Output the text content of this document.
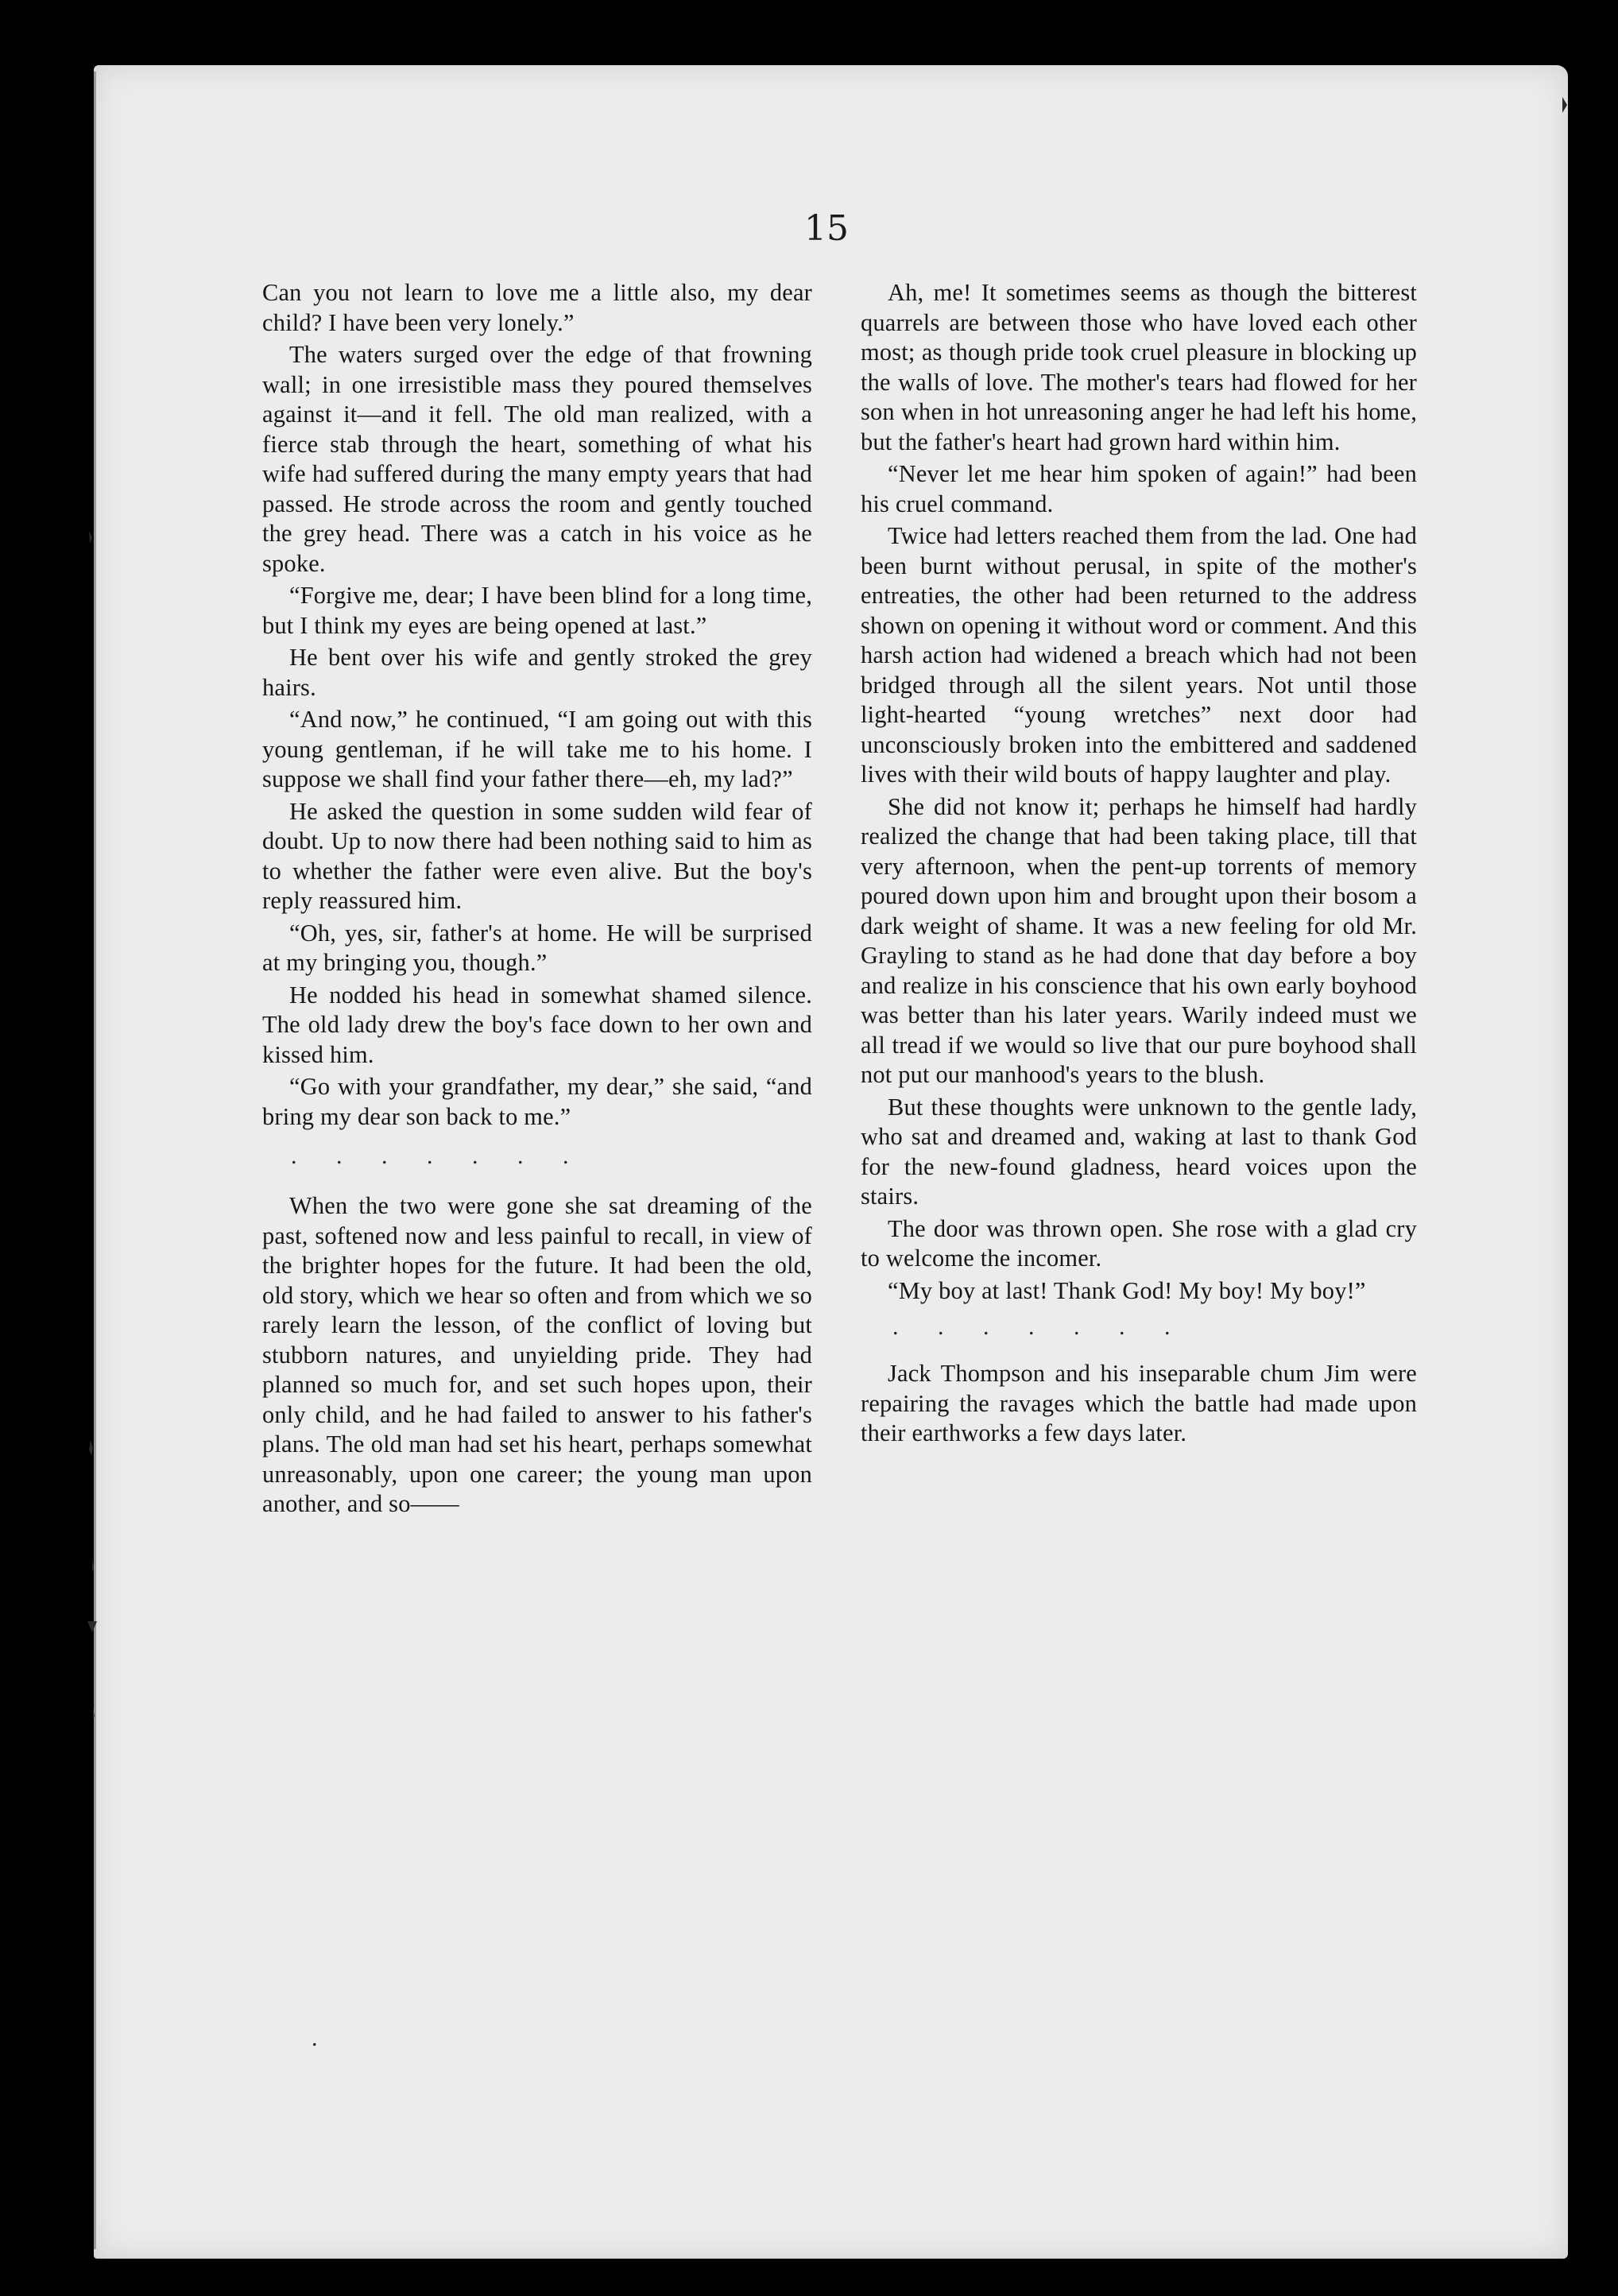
15

Can you not learn to love me a little also, my dear child? I have been very lonely.”

The waters surged over the edge of that frowning wall; in one irresistible mass they poured themselves against it—and it fell. The old man realized, with a fierce stab through the heart, something of what his wife had suffered during the many empty years that had passed. He strode across the room and gently touched the grey head. There was a catch in his voice as he spoke.

“Forgive me, dear; I have been blind for a long time, but I think my eyes are being opened at last.”

He bent over his wife and gently stroked the grey hairs.

“And now,” he continued, “I am going out with this young gentleman, if he will take me to his home. I suppose we shall find your father there—eh, my lad?”

He asked the question in some sudden wild fear of doubt. Up to now there had been nothing said to him as to whether the father were even alive. But the boy's reply reassured him.

“Oh, yes, sir, father's at home. He will be surprised at my bringing you, though.”

He nodded his head in somewhat shamed silence. The old lady drew the boy's face down to her own and kissed him.

“Go with your grandfather, my dear,” she said, “and bring my dear son back to me.”

. . . . . . .

When the two were gone she sat dreaming of the past, softened now and less painful to recall, in view of the brighter hopes for the future. It had been the old, old story, which we hear so often and from which we so rarely learn the lesson, of the conflict of loving but stubborn natures, and unyielding pride. They had planned so much for, and set such hopes upon, their only child, and he had failed to answer to his father's plans. The old man had set his heart, perhaps somewhat unreasonably, upon one career; the young man upon another, and so——

.

Ah, me! It sometimes seems as though the bitterest quarrels are between those who have loved each other most; as though pride took cruel pleasure in blocking up the walls of love. The mother's tears had flowed for her son when in hot unreasoning anger he had left his home, but the father's heart had grown hard within him.

“Never let me hear him spoken of again!” had been his cruel command.

Twice had letters reached them from the lad. One had been burnt without perusal, in spite of the mother's entreaties, the other had been returned to the address shown on opening it without word or comment. And this harsh action had widened a breach which had not been bridged through all the silent years. Not until those light-hearted “young wretches” next door had unconsciously broken into the embittered and saddened lives with their wild bouts of happy laughter and play.

She did not know it; perhaps he himself had hardly realized the change that had been taking place, till that very afternoon, when the pent-up torrents of memory poured down upon him and brought upon their bosom a dark weight of shame. It was a new feeling for old Mr. Grayling to stand as he had done that day before a boy and realize in his conscience that his own early boyhood was better than his later years. Warily indeed must we all tread if we would so live that our pure boyhood shall not put our manhood's years to the blush.

But these thoughts were unknown to the gentle lady, who sat and dreamed and, waking at last to thank God for the new-found gladness, heard voices upon the stairs.

The door was thrown open. She rose with a glad cry to welcome the incomer.

“My boy at last! Thank God! My boy! My boy!”

. . . . . . .

Jack Thompson and his inseparable chum Jim were repairing the ravages which the battle had made upon their earthworks a few days later.
